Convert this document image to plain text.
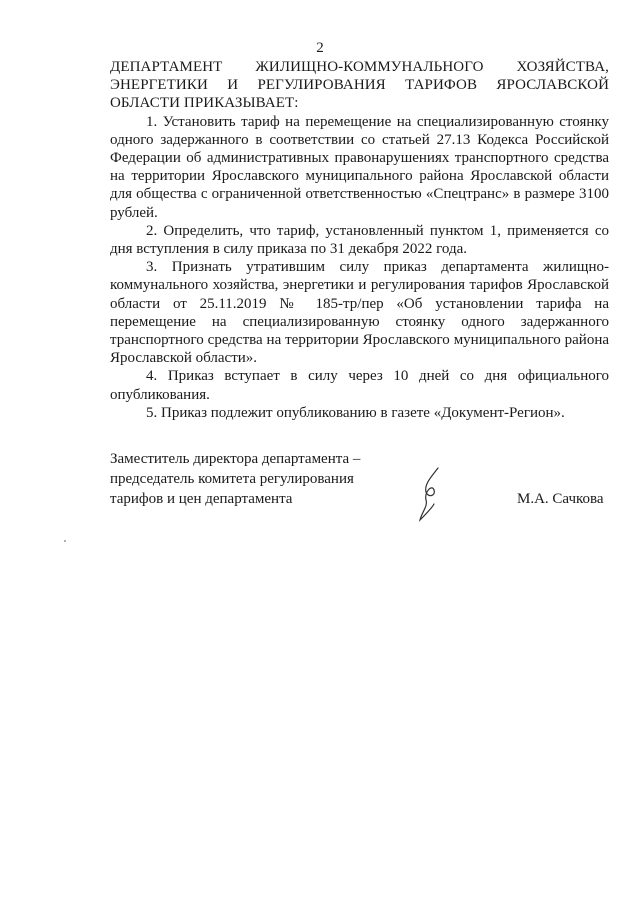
2

ДЕПАРТАМЕНТ ЖИЛИЩНО-КОММУНАЛЬНОГО ХОЗЯЙСТВА, ЭНЕРГЕТИКИ И РЕГУЛИРОВАНИЯ ТАРИФОВ ЯРОСЛАВСКОЙ ОБЛАСТИ ПРИКАЗЫВАЕТ:

1. Установить тариф на перемещение на специализированную стоянку одного задержанного в соответствии со статьей 27.13 Кодекса Российской Федерации об административных правонарушениях транспортного средства на территории Ярославского муниципального района Ярославской области для общества с ограниченной ответственностью «Спецтранс» в размере 3100 рублей.

2. Определить, что тариф, установленный пунктом 1, применяется со дня вступления в силу приказа по 31 декабря 2022 года.

3. Признать утратившим силу приказ департамента жилищно-коммунального хозяйства, энергетики и регулирования тарифов Ярославской области от 25.11.2019 № 185-тр/пер «Об установлении тарифа на перемещение на специализированную стоянку одного задержанного транспортного средства на территории Ярославского муниципального района Ярославской области».

4. Приказ вступает в силу через 10 дней со дня официального опубликования.

5. Приказ подлежит опубликованию в газете «Документ-Регион».

Заместитель директора департамента –
председатель комитета регулирования
тарифов и цен департамента	М.А. Сачкова
